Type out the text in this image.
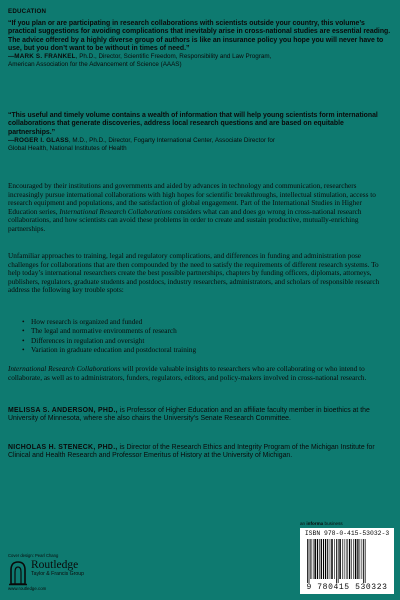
EDUCATION

“If you plan or are participating in research collaborations with scientists outside your country, this volume’s practical suggestions for avoiding complications that inevitably arise in cross-national studies are essential reading. The advice offered by a highly diverse group of authors is like an insurance policy you hope you will never have to use, but you don’t want to be without in times of need.”

—MARK S. FRANKEL, Ph.D., Director, Scientific Freedom, Responsibility and Law Program,
American Association for the Advancement of Science (AAAS)

“This useful and timely volume contains a wealth of information that will help young scientists form international collaborations that generate discoveries, address local research questions and are based on equitable partnerships.”

—ROGER I. GLASS, M.D., Ph.D., Director, Fogarty International Center, Associate Director for
Global Health, National Institutes of Health

Encouraged by their institutions and governments and aided by advances in technology and communication, researchers increasingly pursue international collaborations with high hopes for scientific breakthroughs, intellectual stimulation, access to research equipment and populations, and the satisfaction of global engagement. Part of the International Studies in Higher Education series, International Research Collaborations considers what can and does go wrong in cross-national research collaborations, and how scientists can avoid these problems in order to create and sustain productive, mutually-enriching partnerships.

Unfamiliar approaches to training, legal and regulatory complications, and differences in funding and administration pose challenges for collaborations that are then compounded by the need to satisfy the requirements of different research systems. To help today’s international researchers create the best possible partnerships, chapters by funding officers, diplomats, attorneys, publishers, regulators, graduate students and postdocs, industry researchers, administrators, and scholars of responsible research address the following key trouble spots:

• How research is organized and funded
• The legal and normative environments of research
• Differences in regulation and oversight
• Variation in graduate education and postdoctoral training

International Research Collaborations will provide valuable insights to researchers who are collaborating or who intend to collaborate, as well as to administrators, funders, regulators, editors, and policy-makers involved in cross-national research.

MELISSA S. ANDERSON, PHD., is Professor of Higher Education and an affiliate faculty member in bioethics at the University of Minnesota, where she also chairs the University’s Senate Research Committee.

NICHOLAS H. STENECK, PHD., is Director of the Research Ethics and Integrity Program of the Michigan Institute for Clinical and Health Research and Professor Emeritus of History at the University of Michigan.

Cover design: Pearl Chang
Routledge
Taylor & Francis Group
www.routledge.com
an informa business
ISBN 978-0-415-53032-3
9 780415 530323
